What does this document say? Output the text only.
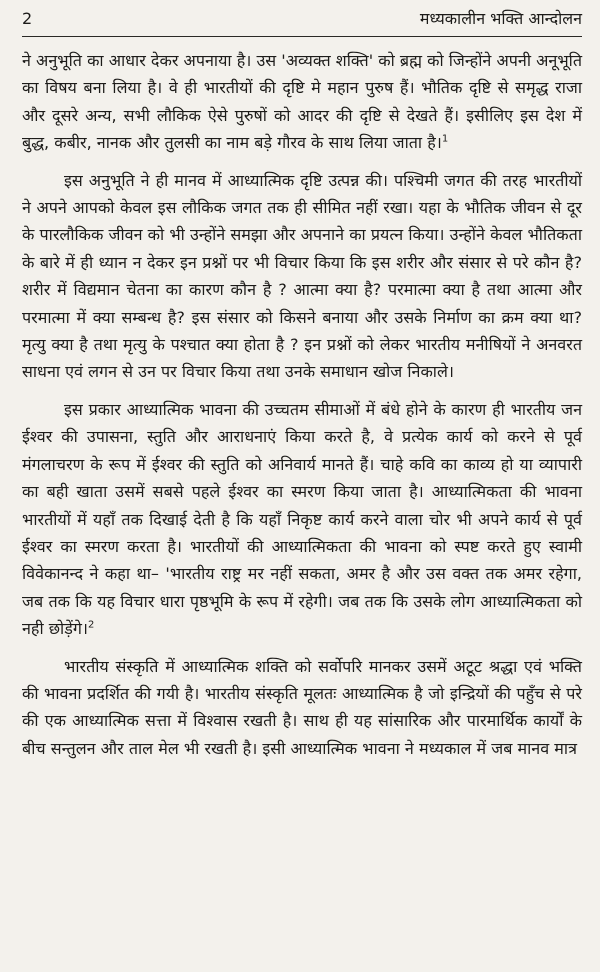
2	मध्यकालीन भक्ति आन्दोलन

ने अनुभूति का आधार देकर अपनाया है। उस 'अव्यक्त शक्ति' को ब्रह्म को जिन्होंने अपनी अनूभूति का विषय बना लिया है। वे ही भारतीयों की दृष्टि मे महान पुरुष हैं। भौतिक दृष्टि से समृद्ध राजा और दूसरे अन्य, सभी लौकिक ऐसे पुरुषों को आदर की दृष्टि से देखते हैं। इसीलिए इस देश में बुद्ध, कबीर, नानक और तुलसी का नाम बड़े गौरव के साथ लिया जाता है।$^1$

इस अनुभूति ने ही मानव में आध्यात्मिक दृष्टि उत्पन्न की। पश्चिमी जगत की तरह भारतीयों ने अपने आपको केवल इस लौकिक जगत तक ही सीमित नहीं रखा। यहा के भौतिक जीवन से दूर के पारलौकिक जीवन को भी उन्होंने समझा और अपनाने का प्रयत्न किया। उन्होंने केवल भौतिकता के बारे में ही ध्यान न देकर इन प्रश्नों पर भी विचार किया कि इस शरीर और संसार से परे कौन है? शरीर में विद्यमान चेतना का कारण कौन है ? आत्मा क्या है? परमात्मा क्या है तथा आत्मा और परमात्मा में क्या सम्बन्ध है? इस संसार को किसने बनाया और उसके निर्माण का क्रम क्या था? मृत्यु क्या है तथा मृत्यु के पश्चात क्या होता है ? इन प्रश्नों को लेकर भारतीय मनीषियों ने अनवरत साधना एवं लगन से उन पर विचार किया तथा उनके समाधान खोज निकाले।

इस प्रकार आध्यात्मिक भावना की उच्चतम सीमाओं में बंधे होने के कारण ही भारतीय जन ईश्वर की उपासना, स्तुति और आराधनाएं किया करते है, वे प्रत्येक कार्य को करने से पूर्व मंगलाचरण के रूप में ईश्वर की स्तुति को अनिवार्य मानते हैं। चाहे कवि का काव्य हो या व्यापारी का बही खाता उसमें सबसे पहले ईश्वर का स्मरण किया जाता है। आध्यात्मिकता की भावना भारतीयों में यहाँ तक दिखाई देती है कि यहाँ निकृष्ट कार्य करने वाला चोर भी अपने कार्य से पूर्व ईश्वर का स्मरण करता है। भारतीयों की आध्यात्मिकता की भावना को स्पष्ट करते हुए स्वामी विवेकानन्द ने कहा था– 'भारतीय राष्ट्र मर नहीं सकता, अमर है और उस वक्त तक अमर रहेगा, जब तक कि यह विचार धारा पृष्ठभूमि के रूप में रहेगी। जब तक कि उसके लोग आध्यात्मिकता को नही छोड़ेंगे।$^2$

भारतीय संस्कृति में आध्यात्मिक शक्ति को सर्वोपरि मानकर उसमें अटूट श्रद्धा एवं भक्ति की भावना प्रदर्शित की गयी है। भारतीय संस्कृति मूलतः आध्यात्मिक है जो इन्द्रियों की पहुँच से परे की एक आध्यात्मिक सत्ता में विश्वास रखती है। साथ ही यह सांसारिक और पारमार्थिक कार्यों के बीच सन्तुलन और ताल मेल भी रखती है। इसी आध्यात्मिक भावना ने मध्यकाल में जब मानव मात्र
